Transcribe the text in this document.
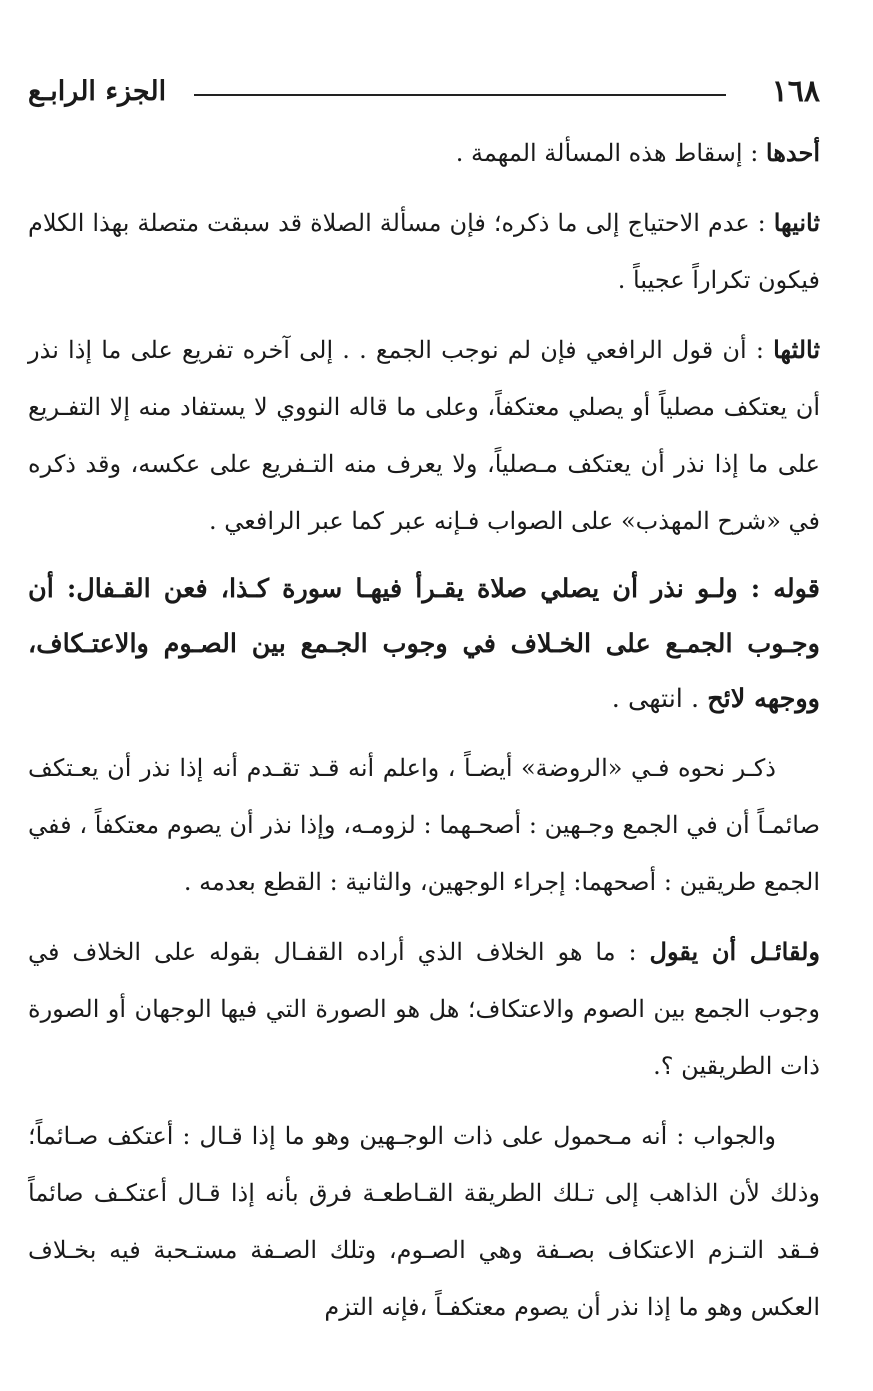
١٦٨
الجزء الرابـع

أحدها : إسقاط هذه المسألة المهمة .

ثانيها : عدم الاحتياج إلى ما ذكره؛ فإن مسألة الصلاة قد سبقت متصلة بهذا الكلام فيكون تكراراً عجيباً .

ثالثها : أن قول الرافعي فإن لم نوجب الجمع . . إلى آخره تفريع على ما إذا نذر أن يعتكف مصلياً أو يصلي معتكفاً، وعلى ما قاله النووي لا يستفاد منه إلا التفـريع على ما إذا نذر أن يعتكف مـصلياً، ولا يعرف منه التـفريع على عكسه، وقد ذكره في «شرح المهذب» على الصواب فـإنه عبر كما عبر الرافعي .

قوله : ولـو نذر أن يصلي صلاة يقـرأ فيهـا سورة كـذا، فعن القـفال: أن وجـوب الجمـع على الخـلاف في وجوب الجـمع بين الصـوم والاعتـكاف، ووجهه لائح . انتهى .

ذكـر نحوه فـي «الروضة» أيضـاً ، واعلم أنه قـد تقـدم أنه إذا نذر أن يعـتكف صائمـاً أن في الجمع وجـهين : أصحـهما : لزومـه، وإذا نذر أن يصوم معتكفاً ، ففي الجمع طريقين : أصحهما: إجراء الوجهين، والثانية : القطع بعدمه .

ولقائـل أن يقول : ما هو الخلاف الذي أراده القفـال بقوله على الخلاف في وجوب الجمع بين الصوم والاعتكاف؛ هل هو الصورة التي فيها الوجهان أو الصورة ذات الطريقين ؟.

والجواب : أنه مـحمول على ذات الوجـهين وهو ما إذا قـال : أعتكف صـائماً؛ وذلك لأن الذاهب إلى تـلك الطريقة القـاطعـة فرق بأنه إذا قـال أعتكـف صائماً فـقد التـزم الاعتكاف بصـفة وهي الصـوم، وتلك الصـفة مستـحبة فيه بخـلاف العكس وهو ما إذا نذر أن يصوم معتكفـاً ،فإنه التزم
